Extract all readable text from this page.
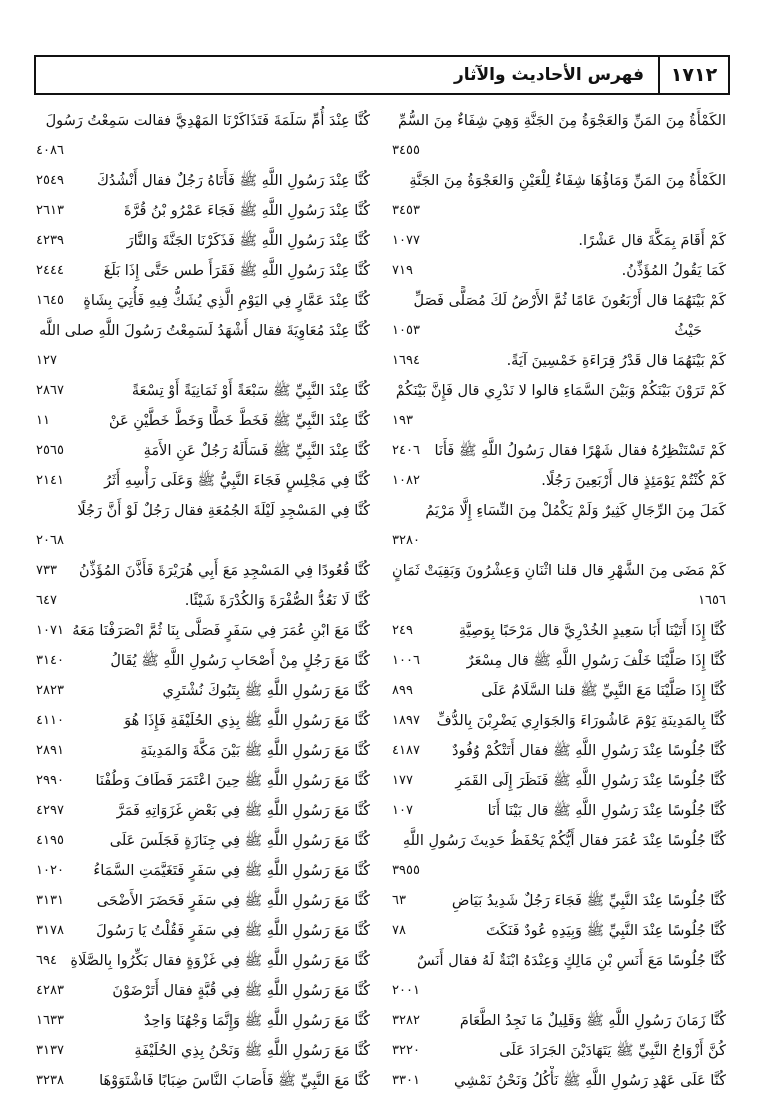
١٧١٢
فهرس الأحاديث والآثار
الكَمْأَةُ مِنَ المَنِّ وَالعَجْوَةُ مِنَ الجَنَّةِ وَهِيَ شِفَاءٌ مِنَ السُّمِّ
٣٤٥٥
الكَمْأَةُ مِنَ المَنِّ وَمَاؤُهَا شِفَاءٌ لِلْعَيْنِ وَالعَجْوَةُ مِنَ الجَنَّةِ
٣٤٥٣
كَمْ أَقَامَ بِمَكَّةَ قال عَشْرًا.
١٠٧٧
كَمَا يَقُولُ المُؤَذِّنُ.
٧١٩
كَمْ بَيْنَهُمَا قال أَرْبَعُونَ عَامًا ثُمَّ الأَرْضُ لَكَ مُصَلًّى فَصَلِّ
حَيْثُ
١٠٥٣
كَمْ بَيْنَهُمَا قال قَدْرُ قِرَاءَةِ خَمْسِينَ آيَةً.
١٦٩٤
كَمْ تَرَوْنَ بَيْنَكُمْ وَبَيْنَ السَّمَاءِ قالوا لا نَدْرِي قال فَإِنَّ بَيْنَكُمْ
١٩٣
كَمْ تَسْتَنْظِرُهُ فقال شَهْرًا فقال رَسُولُ اللَّهِ ﷺ فَأَنَا
٢٤٠٦
كَمْ كُنْتُمْ يَوْمَئِذٍ قال أَرْبَعِينَ رَجُلًا.
١٠٨٢
كَمَلَ مِنَ الرِّجَالِ كَثِيرٌ وَلَمْ يَكْمُلْ مِنَ النِّسَاءِ إِلَّا مَرْيَمُ
٣٢٨٠
كَمْ مَضَى مِنَ الشَّهْرِ قال قلنا اثْنَانِ وَعِشْرُونَ وَبَقِيَتْ ثَمَانٍ
١٦٥٦
كُنَّا إِذَا أَتَيْنَا أَبَا سَعِيدٍ الخُدْرِيَّ قال مَرْحَبًا بِوَصِيَّةِ
٢٤٩
كُنَّا إِذَا صَلَّيْنَا خَلْفَ رَسُولِ اللَّهِ ﷺ قال مِسْعَرٌ
١٠٠٦
كُنَّا إِذَا صَلَّيْنَا مَعَ النَّبِيِّ ﷺ قلنا السَّلَامُ عَلَى
٨٩٩
كُنَّا بِالمَدِينَةِ يَوْمَ عَاشُورَاءَ وَالجَوَارِي يَضْرِبْنَ بِالدُّفِّ
١٨٩٧
كُنَّا جُلُوسًا عِنْدَ رَسُولِ اللَّهِ ﷺ فقال أَتَتْكُمْ وُفُودٌ
٤١٨٧
كُنَّا جُلُوسًا عِنْدَ رَسُولِ اللَّهِ ﷺ فَنَظَرَ إِلَى القَمَرِ
١٧٧
كُنَّا جُلُوسًا عِنْدَ رَسُولِ اللَّهِ ﷺ قال بَيْنَا أَنَا
١٠٧
كُنَّا جُلُوسًا عِنْدَ عُمَرَ فقال أَيُّكُمْ يَحْفَظُ حَدِيثَ رَسُولِ اللَّهِ
٣٩٥٥
كُنَّا جُلُوسًا عِنْدَ النَّبِيِّ ﷺ فَجَاءَ رَجُلٌ شَدِيدُ بَيَاضِ
٦٣
كُنَّا جُلُوسًا عِنْدَ النَّبِيِّ ﷺ وَبِيَدِهِ عُودٌ فَنَكَتَ
٧٨
كُنَّا جُلُوسًا مَعَ أَنَسِ بْنِ مَالِكٍ وَعِنْدَهُ ابْنَةٌ لَهُ فقال أَنَسٌ
٢٠٠١
كُنَّا زَمَانَ رَسُولِ اللَّهِ ﷺ وَقَلِيلٌ مَا نَجِدُ الطَّعَامَ
٣٢٨٢
كُنَّ أَزْوَاجُ النَّبِيِّ ﷺ يَتَهَادَيْنَ الجَرَادَ عَلَى
٣٢٢٠
كُنَّا عَلَى عَهْدِ رَسُولِ اللَّهِ ﷺ نَأْكُلُ وَنَحْنُ نَمْشِي
٣٣٠١
كُنَّا عِنْدَ أُمِّ سَلَمَةَ فَتَذَاكَرْنَا المَهْدِيَّ فقالت سَمِعْتُ رَسُولَ
٤٠٨٦
كُنَّا عِنْدَ رَسُولِ اللَّهِ ﷺ فَأَتَاهُ رَجُلٌ فقال أَنْشُدُكَ
٢٥٤٩
كُنَّا عِنْدَ رَسُولِ اللَّهِ ﷺ فَجَاءَ عَمْرُو بْنُ قُرَّةَ
٢٦١٣
كُنَّا عِنْدَ رَسُولِ اللَّهِ ﷺ فَذَكَرْنَا الجَنَّةَ وَالنَّارَ
٤٢٣٩
كُنَّا عِنْدَ رَسُولِ اللَّهِ ﷺ فَقَرَأَ طس حَتَّى إِذَا بَلَغَ
٢٤٤٤
كُنَّا عِنْدَ عَمَّارٍ فِي اليَوْمِ الَّذِي يُشَكُّ فِيهِ فَأُتِيَ بِشَاةٍ
١٦٤٥
كُنَّا عِنْدَ مُعَاوِيَةَ فقال أَشْهَدُ لَسَمِعْتُ رَسُولَ اللَّهِ صلى اللَّه
١٢٧
كُنَّا عِنْدَ النَّبِيِّ ﷺ سَبْعَةً أَوْ ثَمَانِيَةً أَوْ تِسْعَةً
٢٨٦٧
كُنَّا عِنْدَ النَّبِيِّ ﷺ فَخَطَّ خَطًّا وَخَطَّ خَطَّيْنِ عَنْ
١١
كُنَّا عِنْدَ النَّبِيِّ ﷺ فَسَأَلَهُ رَجُلٌ عَنِ الأَمَةِ
٢٥٦٥
كُنَّا فِي مَجْلِسٍ فَجَاءَ النَّبِيُّ ﷺ وَعَلَى رَأْسِهِ أَثَرُ
٢١٤١
كُنَّا فِي المَسْجِدِ لَيْلَةَ الجُمُعَةِ فقال رَجُلٌ لَوْ أَنَّ رَجُلًا
٢٠٦٨
كُنَّا قُعُودًا فِي المَسْجِدِ مَعَ أَبِي هُرَيْرَةَ فَأَذَّنَ المُؤَذِّنُ
٧٣٣
كُنَّا لَا نَعُدُّ الصُّفْرَةَ وَالكُدْرَةَ شَيْئًا.
٦٤٧
كُنَّا مَعَ ابْنِ عُمَرَ فِي سَفَرٍ فَصَلَّى بِنَا ثُمَّ انْصَرَفْنَا مَعَهُ
١٠٧١
كُنَّا مَعَ رَجُلٍ مِنْ أَصْحَابِ رَسُولِ اللَّهِ ﷺ يُقَالُ
٣١٤٠
كُنَّا مَعَ رَسُولِ اللَّهِ ﷺ بِتَبُوكَ نُشْتَرِي
٢٨٢٣
كُنَّا مَعَ رَسُولِ اللَّهِ ﷺ بِذِي الحُلَيْفَةِ فَإِذَا هُوَ
٤١١٠
كُنَّا مَعَ رَسُولِ اللَّهِ ﷺ بَيْنَ مَكَّةَ وَالمَدِينَةِ
٢٨٩١
كُنَّا مَعَ رَسُولِ اللَّهِ ﷺ حِينَ اعْتَمَرَ فَطَافَ وَطُفْنَا
٢٩٩٠
كُنَّا مَعَ رَسُولِ اللَّهِ ﷺ فِي بَعْضِ غَزَوَاتِهِ فَمَرَّ
٤٢٩٧
كُنَّا مَعَ رَسُولِ اللَّهِ ﷺ فِي جِنَازَةٍ فَجَلَسَ عَلَى
٤١٩٥
كُنَّا مَعَ رَسُولِ اللَّهِ ﷺ فِي سَفَرٍ فَتَغَيَّمَتِ السَّمَاءُ
١٠٢٠
كُنَّا مَعَ رَسُولِ اللَّهِ ﷺ فِي سَفَرٍ فَحَضَرَ الأَضْحَى
٣١٣١
كُنَّا مَعَ رَسُولِ اللَّهِ ﷺ فِي سَفَرٍ فَقُلْتُ يَا رَسُولَ
٣١٧٨
كُنَّا مَعَ رَسُولِ اللَّهِ ﷺ فِي غَزْوَةٍ فقال بَكِّرُوا بِالصَّلَاةِ
٦٩٤
كُنَّا مَعَ رَسُولِ اللَّهِ ﷺ فِي قُبَّةٍ فقال أَتَرْضَوْنَ
٤٢٨٣
كُنَّا مَعَ رَسُولِ اللَّهِ ﷺ وَإِنَّمَا وَجْهُنَا وَاحِدٌ
١٦٣٣
كُنَّا مَعَ رَسُولِ اللَّهِ ﷺ وَنَحْنُ بِذِي الحُلَيْفَةِ
٣١٣٧
كُنَّا مَعَ النَّبِيِّ ﷺ فَأَصَابَ النَّاسَ ضِبَابًا فَاشْتَوَوْهَا
٣٢٣٨
